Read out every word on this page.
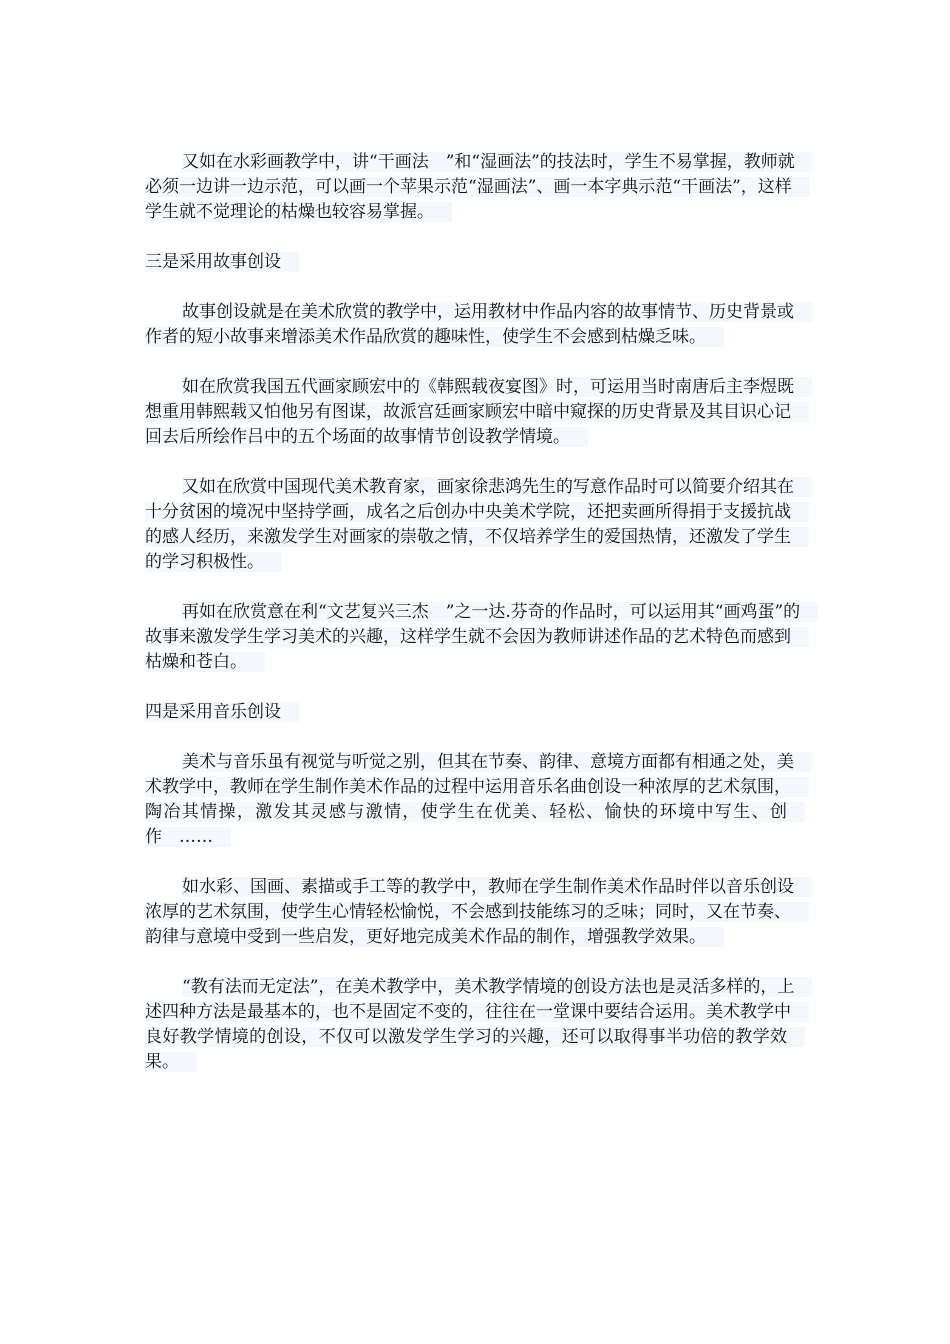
又如在水彩画教学中，讲“干画法　”和“湿画法”的技法时，学生不易掌握，教师就必须一边讲一边示范，可以画一个苹果示范“湿画法”、画一本字典示范“干画法”，这样学生就不觉理论的枯燥也较容易掌握。

三是采用故事创设

故事创设就是在美术欣赏的教学中，运用教材中作品内容的故事情节、历史背景或作者的短小故事来增添美术作品欣赏的趣味性，使学生不会感到枯燥乏味。

如在欣赏我国五代画家顾宏中的《韩熙载夜宴图》时，可运用当时南唐后主李煜既想重用韩熙载又怕他另有图谋，故派宫廷画家顾宏中暗中窥探的历史背景及其目识心记回去后所绘作吕中的五个场面的故事情节创设教学情境。

又如在欣赏中国现代美术教育家，画家徐悲鸿先生的写意作品时可以简要介绍其在十分贫困的境况中坚持学画，成名之后创办中央美术学院，还把卖画所得捐于支援抗战的感人经历，来激发学生对画家的崇敬之情，不仅培养学生的爱国热情，还激发了学生的学习积极性。

再如在欣赏意在利“文艺复兴三杰　”之一达.芬奇的作品时，可以运用其“画鸡蛋”的故事来激发学生学习美术的兴趣，这样学生就不会因为教师讲述作品的艺术特色而感到枯燥和苍白。

四是采用音乐创设

美术与音乐虽有视觉与听觉之别，但其在节奏、韵律、意境方面都有相通之处，美术教学中，教师在学生制作美术作品的过程中运用音乐名曲创设一种浓厚的艺术氛围，陶冶其情操，激发其灵感与激情，使学生在优美、轻松、愉快的环境中写生、创作　……

如水彩、国画、素描或手工等的教学中，教师在学生制作美术作品时伴以音乐创设浓厚的艺术氛围，使学生心情轻松愉悦，不会感到技能练习的乏味；同时，又在节奏、韵律与意境中受到一些启发，更好地完成美术作品的制作，增强教学效果。

“教有法而无定法”，在美术教学中，美术教学情境的创设方法也是灵活多样的，上述四种方法是最基本的，也不是固定不变的，往往在一堂课中要结合运用。美术教学中良好教学情境的创设，不仅可以激发学生学习的兴趣，还可以取得事半功倍的教学效果。
